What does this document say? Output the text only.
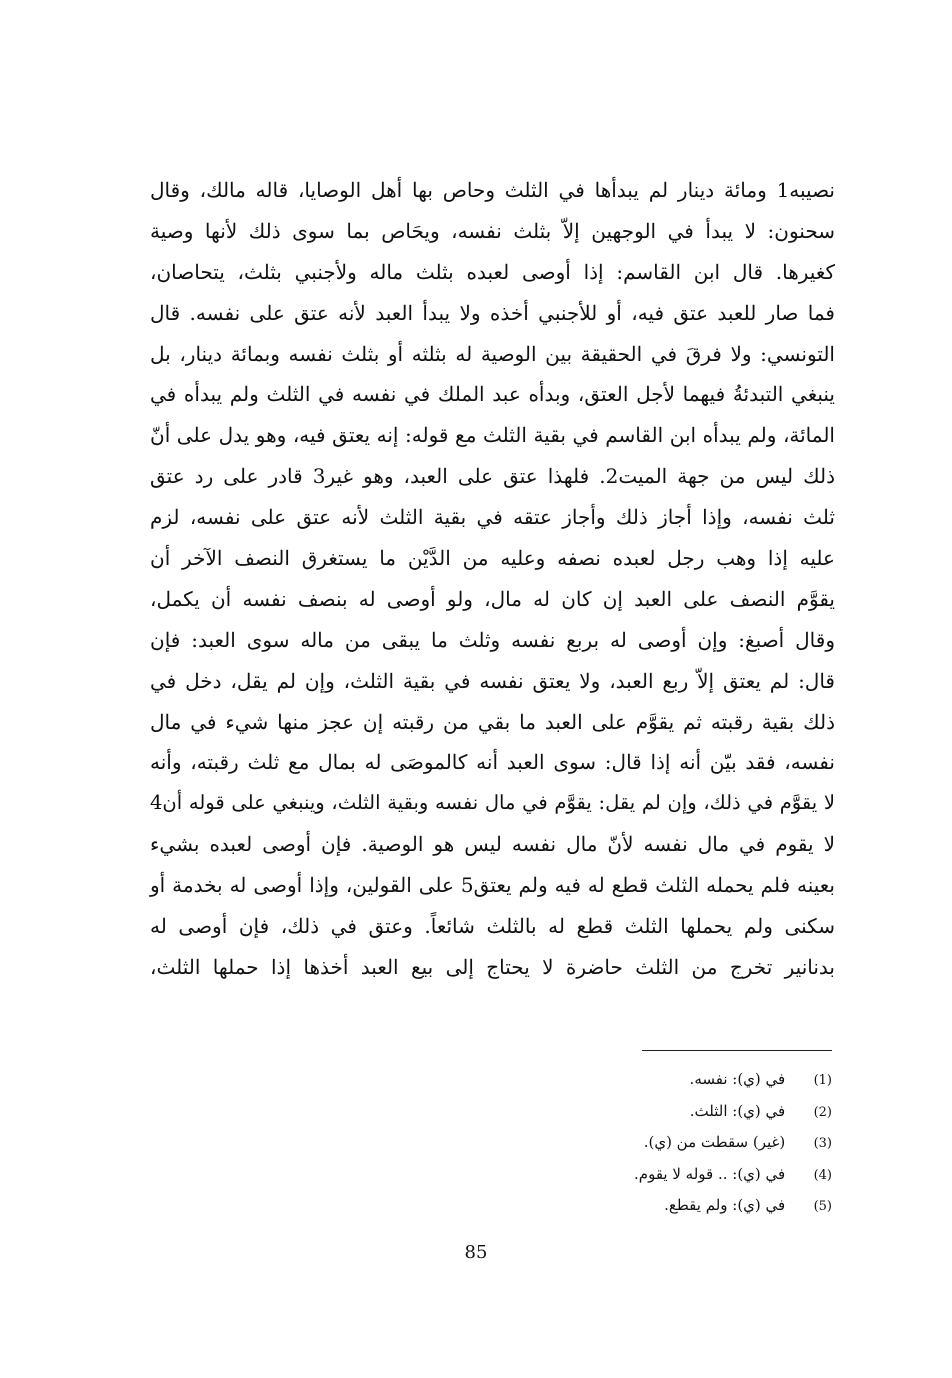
نصيبه1 ومائة دينار لم يبدأها في الثلث وحاص بها أهل الوصايا، قاله مالك، وقال
سحنون: لا يبدأ في الوجهين إلاّ بثلث نفسه، ويحَاص بما سوى ذلك لأنها وصية
كغيرها. قال ابن القاسم: إذا أوصى لعبده بثلث ماله ولأجنبي بثلث، يتحاصان،
فما صار للعبد عتق فيه، أو للأجنبي أخذه ولا يبدأ العبد لأنه عتق على نفسه. قال
التونسي: ولا فرقَ في الحقيقة بين الوصية له بثلثه أو بثلث نفسه وبمائة دينار، بل
ينبغي التبدئةُ فيهما لأجل العتق، وبدأه عبد الملك في نفسه في الثلث ولم يبدأه في
المائة، ولم يبدأه ابن القاسم في بقية الثلث مع قوله: إنه يعتق فيه، وهو يدل على أنّ
ذلك ليس من جهة الميت2. فلهذا عتق على العبد، وهو غير3 قادر على رد عتق
ثلث نفسه، وإذا أجاز ذلك وأجاز عتقه في بقية الثلث لأنه عتق على نفسه، لزم
عليه إذا وهب رجل لعبده نصفه وعليه من الدَّيْن ما يستغرق النصف الآخر أن
يقوَّم النصف على العبد إن كان له مال، ولو أوصى له بنصف نفسه أن يكمل،
وقال أصبغ: وإن أوصى له بربع نفسه وثلث ما يبقى من ماله سوى العبد: فإن
قال: لم يعتق إلاّ ربع العبد، ولا يعتق نفسه في بقية الثلث، وإن لم يقل، دخل في
ذلك بقية رقبته ثم يقوَّم على العبد ما بقي من رقبته إن عجز منها شيء في مال
نفسه، فقد بيّن أنه إذا قال: سوى العبد أنه كالموصَى له بمال مع ثلث رقبته، وأنه
لا يقوَّم في ذلك، وإن لم يقل: يقوَّم في مال نفسه وبقية الثلث، وينبغي على قوله أن4
لا يقوم في مال نفسه لأنّ مال نفسه ليس هو الوصية. فإن أوصى لعبده بشيء
بعينه فلم يحمله الثلث قطع له فيه ولم يعتق5 على القولين، وإذا أوصى له بخدمة أو
سكنى ولم يحملها الثلث قطع له بالثلث شائعاً. وعتق في ذلك، فإن أوصى له
بدنانير تخرج من الثلث حاضرة لا يحتاج إلى بيع العبد أخذها إذا حملها الثلث،
(1) في (ي): نفسه.
(2) في (ي): الثلث.
(3) (غير) سقطت من (ي).
(4) في (ي): .. قوله لا يقوم.
(5) في (ي): ولم يقطع.
85
